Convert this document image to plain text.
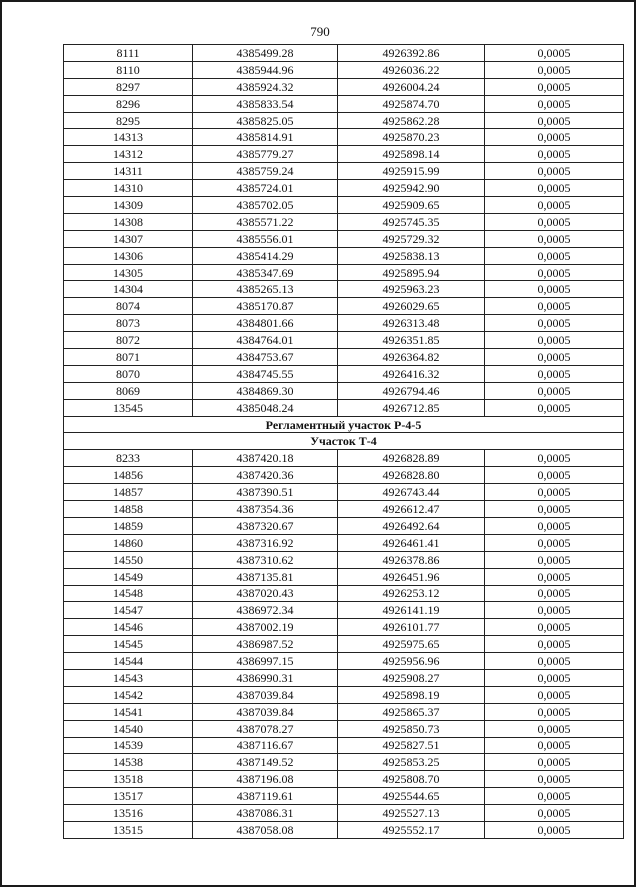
790
8111	4385499.28	4926392.86	0,0005
8110	4385944.96	4926036.22	0,0005
8297	4385924.32	4926004.24	0,0005
8296	4385833.54	4925874.70	0,0005
8295	4385825.05	4925862.28	0,0005
14313	4385814.91	4925870.23	0,0005
14312	4385779.27	4925898.14	0,0005
14311	4385759.24	4925915.99	0,0005
14310	4385724.01	4925942.90	0,0005
14309	4385702.05	4925909.65	0,0005
14308	4385571.22	4925745.35	0,0005
14307	4385556.01	4925729.32	0,0005
14306	4385414.29	4925838.13	0,0005
14305	4385347.69	4925895.94	0,0005
14304	4385265.13	4925963.23	0,0005
8074	4385170.87	4926029.65	0,0005
8073	4384801.66	4926313.48	0,0005
8072	4384764.01	4926351.85	0,0005
8071	4384753.67	4926364.82	0,0005
8070	4384745.55	4926416.32	0,0005
8069	4384869.30	4926794.46	0,0005
13545	4385048.24	4926712.85	0,0005
Регламентный участок Р-4-5			
Участок Т-4			
8233	4387420.18	4926828.89	0,0005
14856	4387420.36	4926828.80	0,0005
14857	4387390.51	4926743.44	0,0005
14858	4387354.36	4926612.47	0,0005
14859	4387320.67	4926492.64	0,0005
14860	4387316.92	4926461.41	0,0005
14550	4387310.62	4926378.86	0,0005
14549	4387135.81	4926451.96	0,0005
14548	4387020.43	4926253.12	0,0005
14547	4386972.34	4926141.19	0,0005
14546	4387002.19	4926101.77	0,0005
14545	4386987.52	4925975.65	0,0005
14544	4386997.15	4925956.96	0,0005
14543	4386990.31	4925908.27	0,0005
14542	4387039.84	4925898.19	0,0005
14541	4387039.84	4925865.37	0,0005
14540	4387078.27	4925850.73	0,0005
14539	4387116.67	4925827.51	0,0005
14538	4387149.52	4925853.25	0,0005
13518	4387196.08	4925808.70	0,0005
13517	4387119.61	4925544.65	0,0005
13516	4387086.31	4925527.13	0,0005
13515	4387058.08	4925552.17	0,0005
